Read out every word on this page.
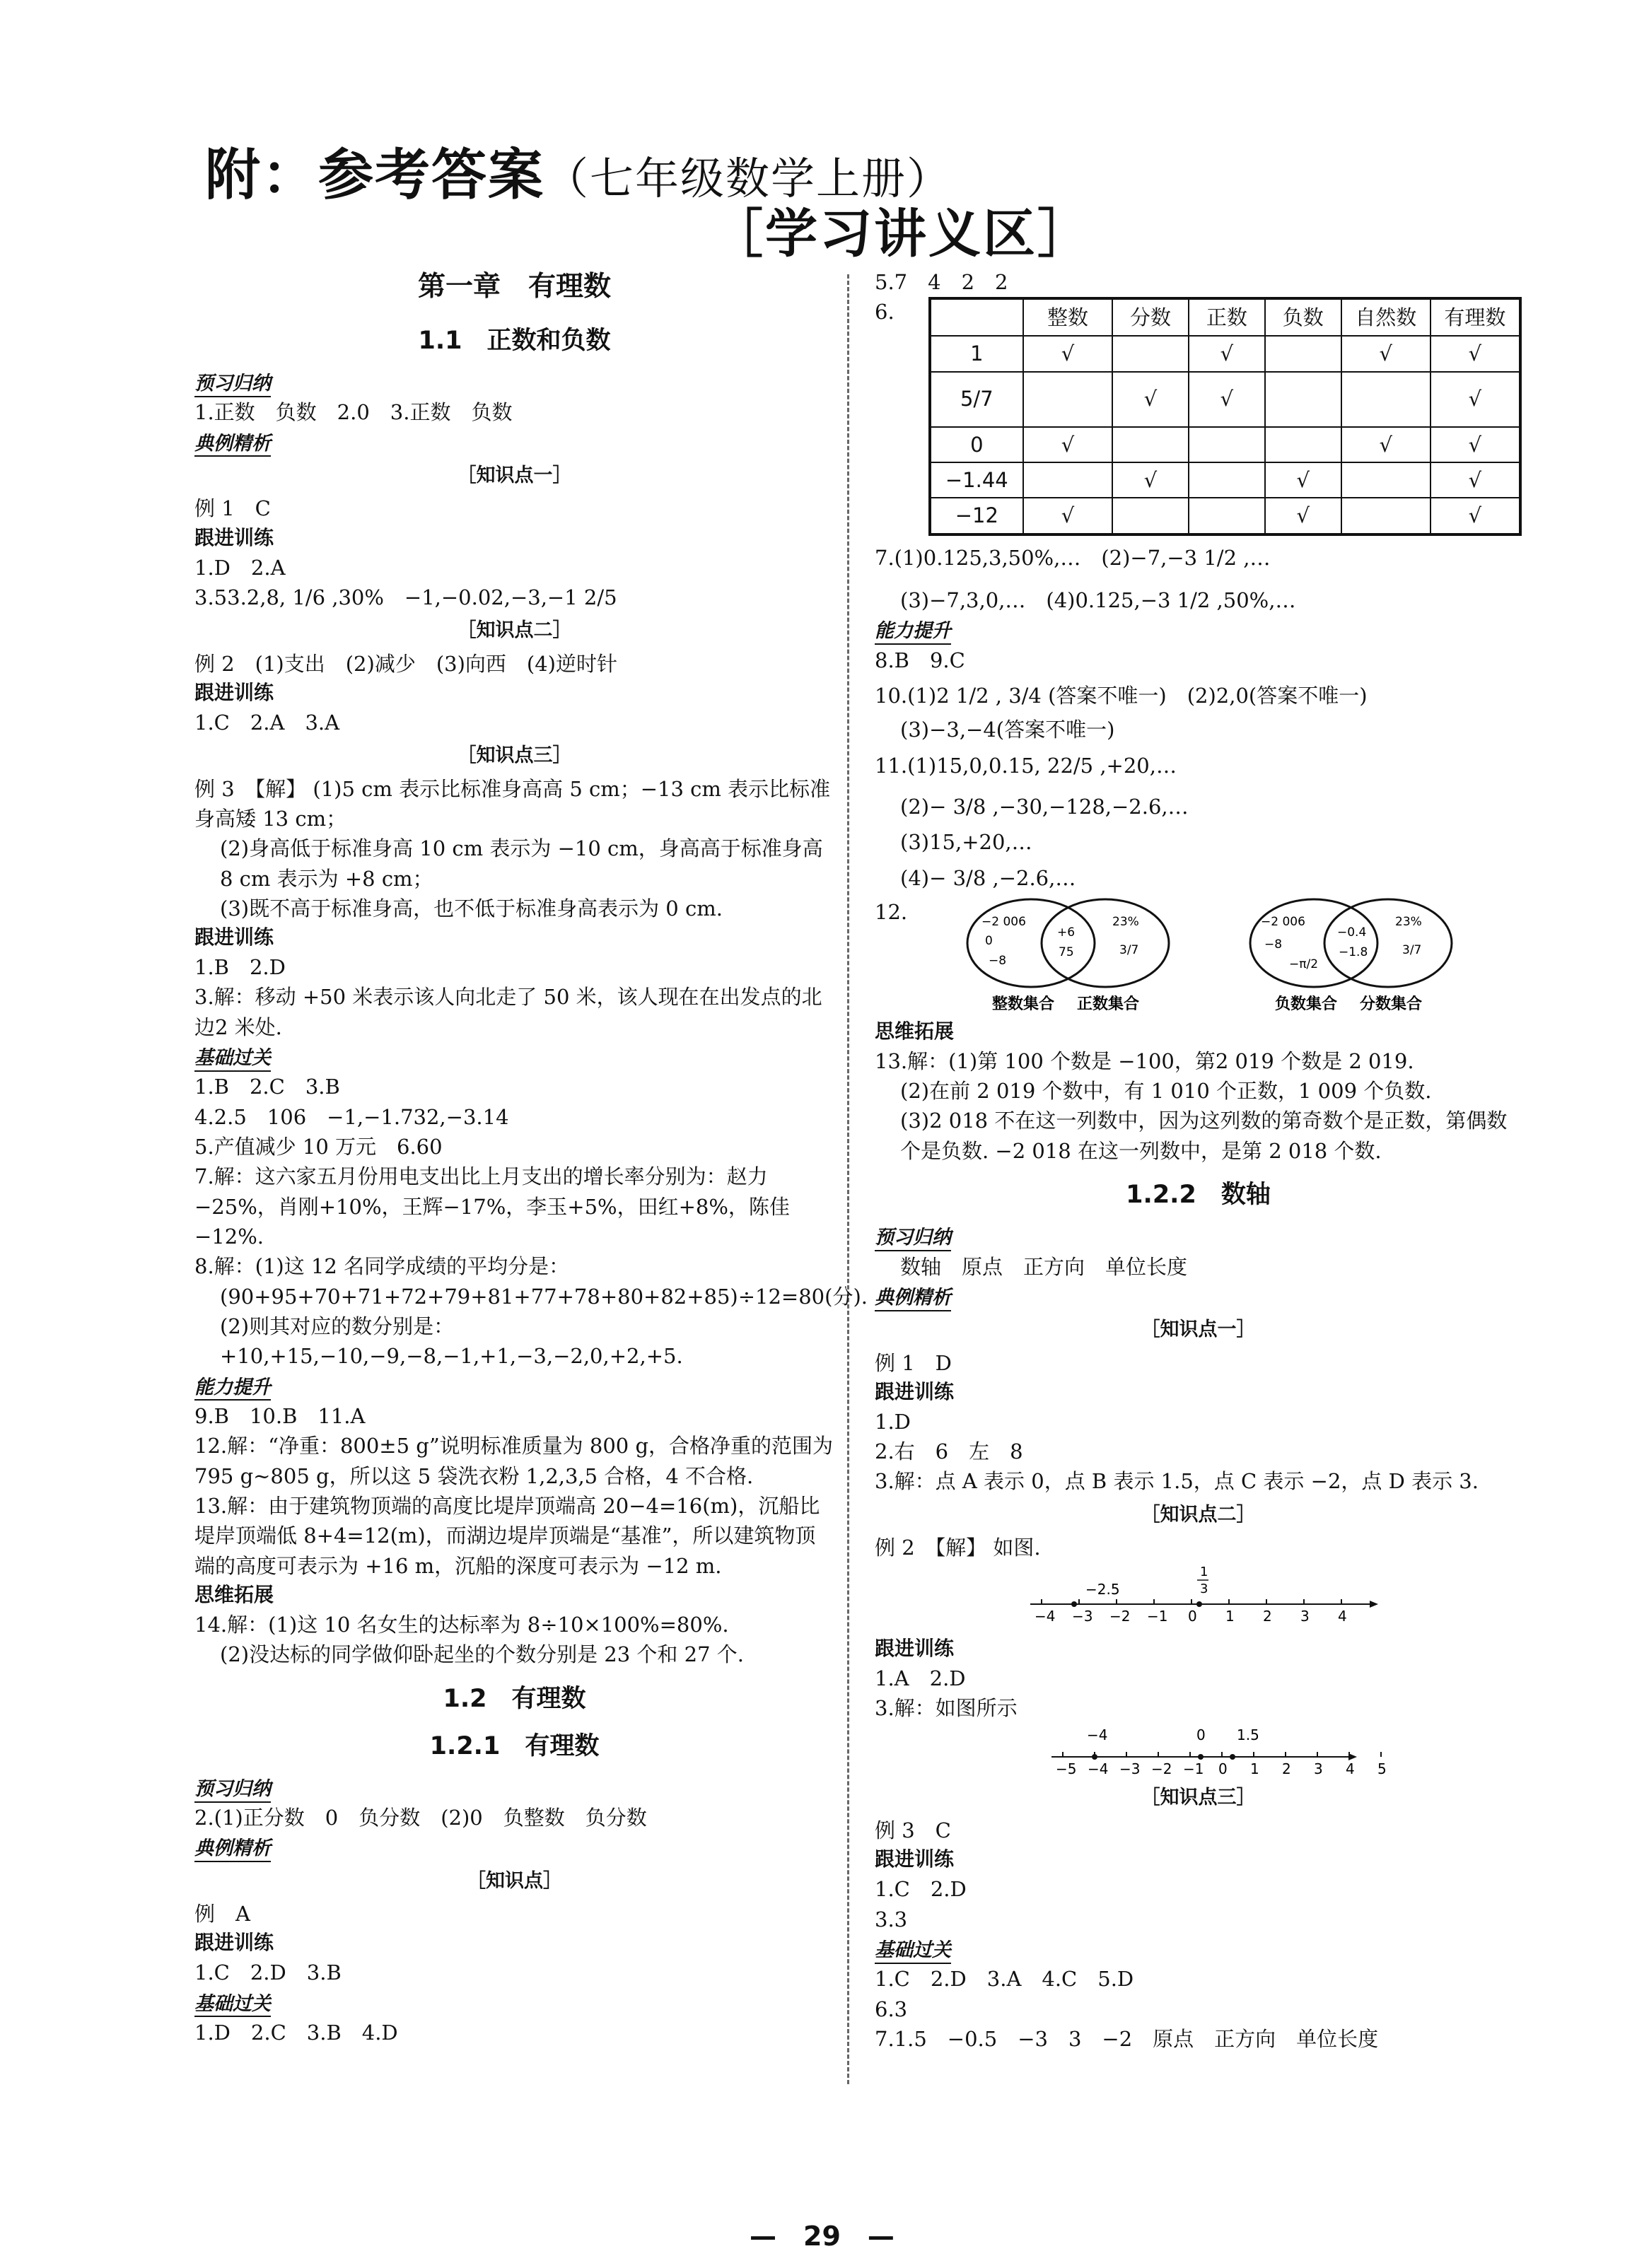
附：参考答案（七年级数学上册）
［学习讲义区］
第一章　有理数
1.1　正数和负数
预习归纳
1.正数　负数　2.0　3.正数　负数
典例精析
［知识点一］
例 1　C
跟进训练
1.D　2.A
3.53.2,8, 1/6 ,30%　−1,−0.02,−3,−1 2/5
［知识点二］
例 2　(1)支出　(2)减少　(3)向西　(4)逆时针
跟进训练
1.C　2.A　3.A
［知识点三］
例 3　【解】 (1)5 cm 表示比标准身高高 5 cm；−13 cm 表示比标准身高矮 13 cm；
(2)身高低于标准身高 10 cm 表示为 −10 cm，身高高于标准身高8 cm 表示为 +8 cm；
(3)既不高于标准身高，也不低于标准身高表示为 0 cm.
跟进训练
1.B　2.D
3.解：移动 +50 米表示该人向北走了 50 米，该人现在在出发点的北边2 米处.
基础过关
1.B　2.C　3.B
4.2.5　106　−1,−1.732,−3.14
5.产值减少 10 万元　6.60
7.解：这六家五月份用电支出比上月支出的增长率分别为：赵力−25%，肖刚+10%，王辉−17%，李玉+5%，田红+8%，陈佳−12%.
8.解：(1)这 12 名同学成绩的平均分是：
(90+95+70+71+72+79+81+77+78+80+82+85)÷12=80(分).
(2)则其对应的数分别是：
+10,+15,−10,−9,−8,−1,+1,−3,−2,0,+2,+5.
能力提升
9.B　10.B　11.A
12.解：“净重：800±5 g”说明标准质量为 800 g，合格净重的范围为 795 g~805 g，所以这 5 袋洗衣粉 1,2,3,5 合格，4 不合格.
13.解：由于建筑物顶端的高度比堤岸顶端高 20−4=16(m)，沉船比堤岸顶端低 8+4=12(m)，而湖边堤岸顶端是“基准”，所以建筑物顶端的高度可表示为 +16 m，沉船的深度可表示为 −12 m.
思维拓展
14.解：(1)这 10 名女生的达标率为 8÷10×100%=80%.
(2)没达标的同学做仰卧起坐的个数分别是 23 个和 27 个.
1.2　有理数
1.2.1　有理数
预习归纳
2.(1)正分数　0　负分数　(2)0　负整数　负分数
典例精析
［知识点］
例　A
跟进训练
1.C　2.D　3.B
基础过关
1.D　2.C　3.B　4.D
5.7　4　2　2
6.
		整数	分数	正数	负数	自然数	有理数
1	√		√		√	√
5/7		√	√			√
0	√				√	√
−1.44		√		√		√
−12	√			√		√
7.(1)0.125,3,50%,…　(2)−7,−3 1/2 ,…
(3)−7,3,0,…　(4)0.125,−3 1/2 ,50%,…
能力提升
8.B　9.C
10.(1)2 1/2 , 3/4 (答案不唯一)　(2)2,0(答案不唯一)
(3)−3,−4(答案不唯一)
11.(1)15,0,0.15, 22/5 ,+20,…
(2)− 3/8 ,−30,−128,−2.6,…
(3)15,+20,…
(4)− 3/8 ,−2.6,…
12.	−2 006
0
−8
+6
75
23%
3/7
整数集合 正数集合
−2 006
−8
−π/2
−0.4
−1.8
23%
3/7
负数集合 分数集合
思维拓展
13.解：(1)第 100 个数是 −100，第2 019 个数是 2 019.
(2)在前 2 019 个数中，有 1 010 个正数，1 009 个负数.
(3)2 018 不在这一列数中，因为这列数的第奇数个是正数，第偶数个是负数. −2 018 在这一列数中，是第 2 018 个数.
1.2.2　数轴
预习归纳
数轴　原点　正方向　单位长度
典例精析
［知识点一］
例 1　D
跟进训练
1.D
2.右　6　左　8
3.解：点 A 表示 0，点 B 表示 1.5，点 C 表示 −2，点 D 表示 3.
［知识点二］
例 2　【解】 如图.
−4 −3 −2 −1 0 1 2 3 4
−2.5
1
3
跟进训练
1.A　2.D
3.解：如图所示
−5 −4 −3 −2 −1 0 1 2 3 4 5
−4	0 1.5
［知识点三］
例 3　C
跟进训练
1.C　2.D
3.3
基础过关
1.C　2.D　3.A　4.C　5.D
6.3
7.1.5　−0.5　−3　3　−2　原点　正方向　单位长度
—　29　—
